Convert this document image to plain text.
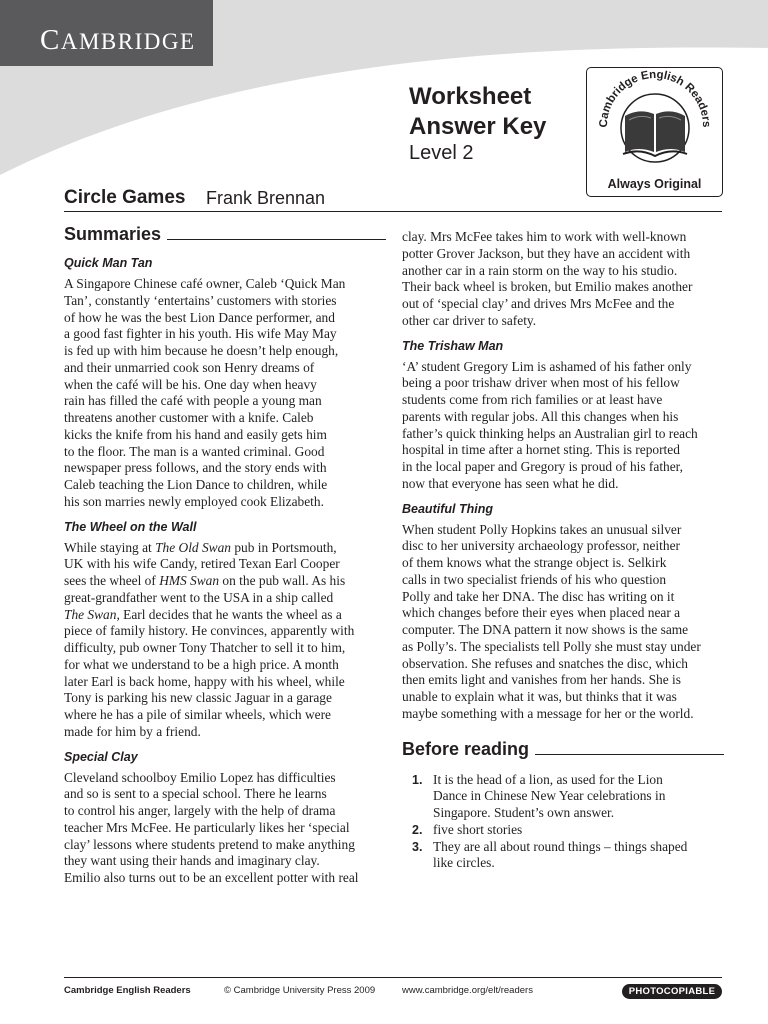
CAMBRIDGE
Worksheet
Answer Key
Level 2
Cambridge English Readers
Always Original
Circle Games Frank Brennan
Summaries
Quick Man Tan
A Singapore Chinese café owner, Caleb ‘Quick Man
Tan’, constantly ‘entertains’ customers with stories
of how he was the best Lion Dance performer, and
a good fast fighter in his youth. His wife May May
is fed up with him because he doesn’t help enough,
and their unmarried cook son Henry dreams of
when the café will be his. One day when heavy
rain has filled the café with people a young man
threatens another customer with a knife. Caleb
kicks the knife from his hand and easily gets him
to the floor. The man is a wanted criminal. Good
newspaper press follows, and the story ends with
Caleb teaching the Lion Dance to children, while
his son marries newly employed cook Elizabeth.
The Wheel on the Wall
While staying at The Old Swan pub in Portsmouth,
UK with his wife Candy, retired Texan Earl Cooper
sees the wheel of HMS Swan on the pub wall. As his
great-grandfather went to the USA in a ship called
The Swan, Earl decides that he wants the wheel as a
piece of family history. He convinces, apparently with
difficulty, pub owner Tony Thatcher to sell it to him,
for what we understand to be a high price. A month
later Earl is back home, happy with his wheel, while
Tony is parking his new classic Jaguar in a garage
where he has a pile of similar wheels, which were
made for him by a friend.
Special Clay
Cleveland schoolboy Emilio Lopez has difficulties
and so is sent to a special school. There he learns
to control his anger, largely with the help of drama
teacher Mrs McFee. He particularly likes her ‘special
clay’ lessons where students pretend to make anything
they want using their hands and imaginary clay.
Emilio also turns out to be an excellent potter with real
clay. Mrs McFee takes him to work with well-known
potter Grover Jackson, but they have an accident with
another car in a rain storm on the way to his studio.
Their back wheel is broken, but Emilio makes another
out of ‘special clay’ and drives Mrs McFee and the
other car driver to safety.
The Trishaw Man
‘A’ student Gregory Lim is ashamed of his father only
being a poor trishaw driver when most of his fellow
students come from rich families or at least have
parents with regular jobs. All this changes when his
father’s quick thinking helps an Australian girl to reach
hospital in time after a hornet sting. This is reported
in the local paper and Gregory is proud of his father,
now that everyone has seen what he did.
Beautiful Thing
When student Polly Hopkins takes an unusual silver
disc to her university archaeology professor, neither
of them knows what the strange object is. Selkirk
calls in two specialist friends of his who question
Polly and take her DNA. The disc has writing on it
which changes before their eyes when placed near a
computer. The DNA pattern it now shows is the same
as Polly’s. The specialists tell Polly she must stay under
observation. She refuses and snatches the disc, which
then emits light and vanishes from her hands. She is
unable to explain what it was, but thinks that it was
maybe something with a message for her or the world.
Before reading
1. It is the head of a lion, as used for the Lion
Dance in Chinese New Year celebrations in
Singapore. Student’s own answer.
2. five short stories
3. They are all about round things – things shaped
like circles.
Cambridge English Readers	© Cambridge University Press 2009	www.cambridge.org/elt/readers	PHOTOCOPIABLE
